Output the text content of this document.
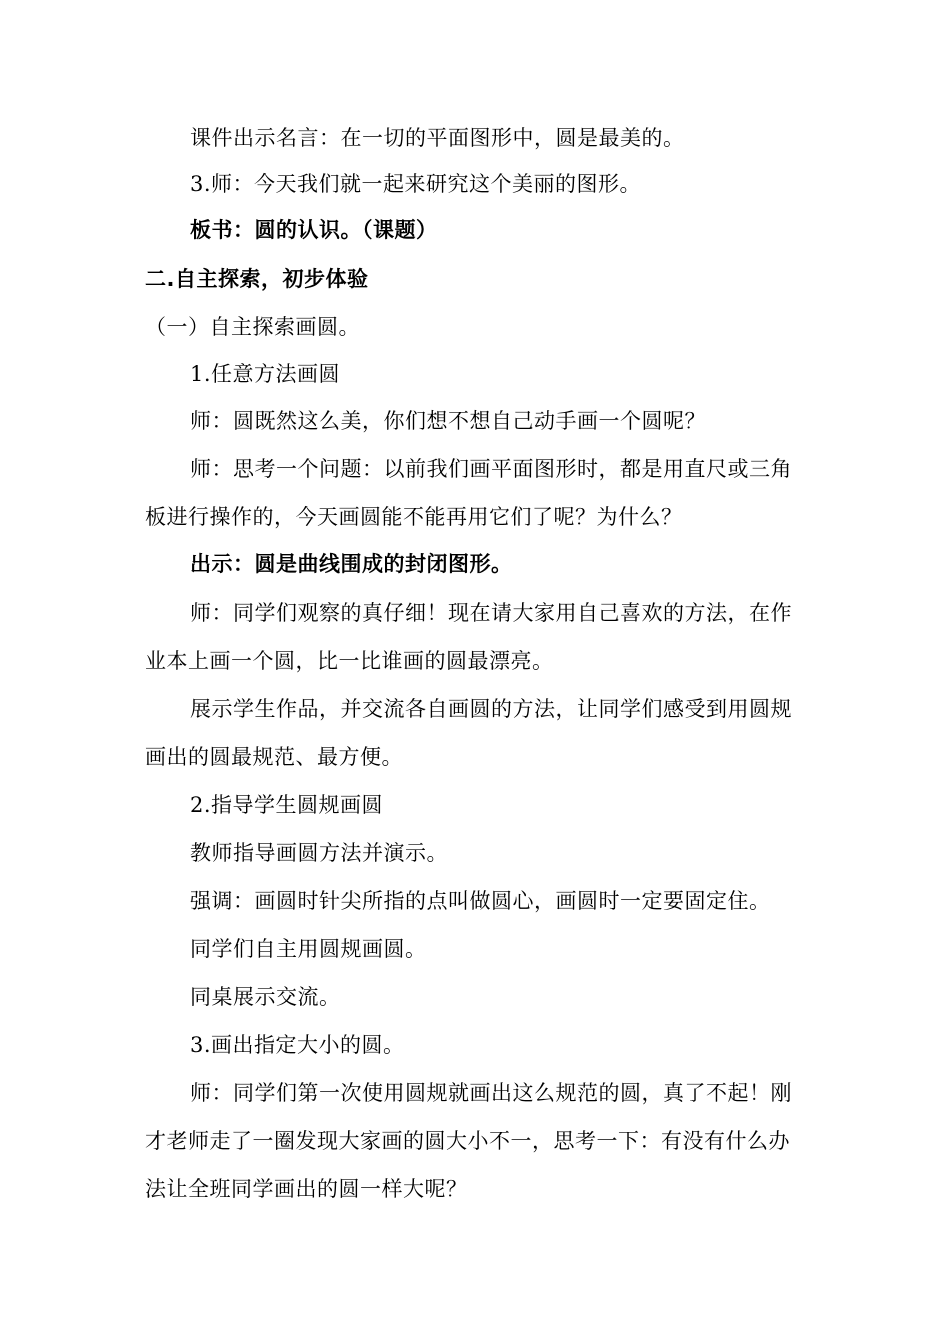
课件出示名言：在一切的平面图形中，圆是最美的。
3.师：今天我们就一起来研究这个美丽的图形。
板书：圆的认识。（课题）
二.自主探索，初步体验
（一）自主探索画圆。
1.任意方法画圆
师：圆既然这么美，你们想不想自己动手画一个圆呢？
师：思考一个问题：以前我们画平面图形时，都是用直尺或三角
板进行操作的，今天画圆能不能再用它们了呢？为什么？
出示：圆是曲线围成的封闭图形。
师：同学们观察的真仔细！现在请大家用自己喜欢的方法，在作
业本上画一个圆，比一比谁画的圆最漂亮。
展示学生作品，并交流各自画圆的方法，让同学们感受到用圆规
画出的圆最规范、最方便。
2.指导学生圆规画圆
教师指导画圆方法并演示。
强调：画圆时针尖所指的点叫做圆心，画圆时一定要固定住。
同学们自主用圆规画圆。
同桌展示交流。
3.画出指定大小的圆。
师：同学们第一次使用圆规就画出这么规范的圆，真了不起！刚
才老师走了一圈发现大家画的圆大小不一，思考一下：有没有什么办
法让全班同学画出的圆一样大呢？
